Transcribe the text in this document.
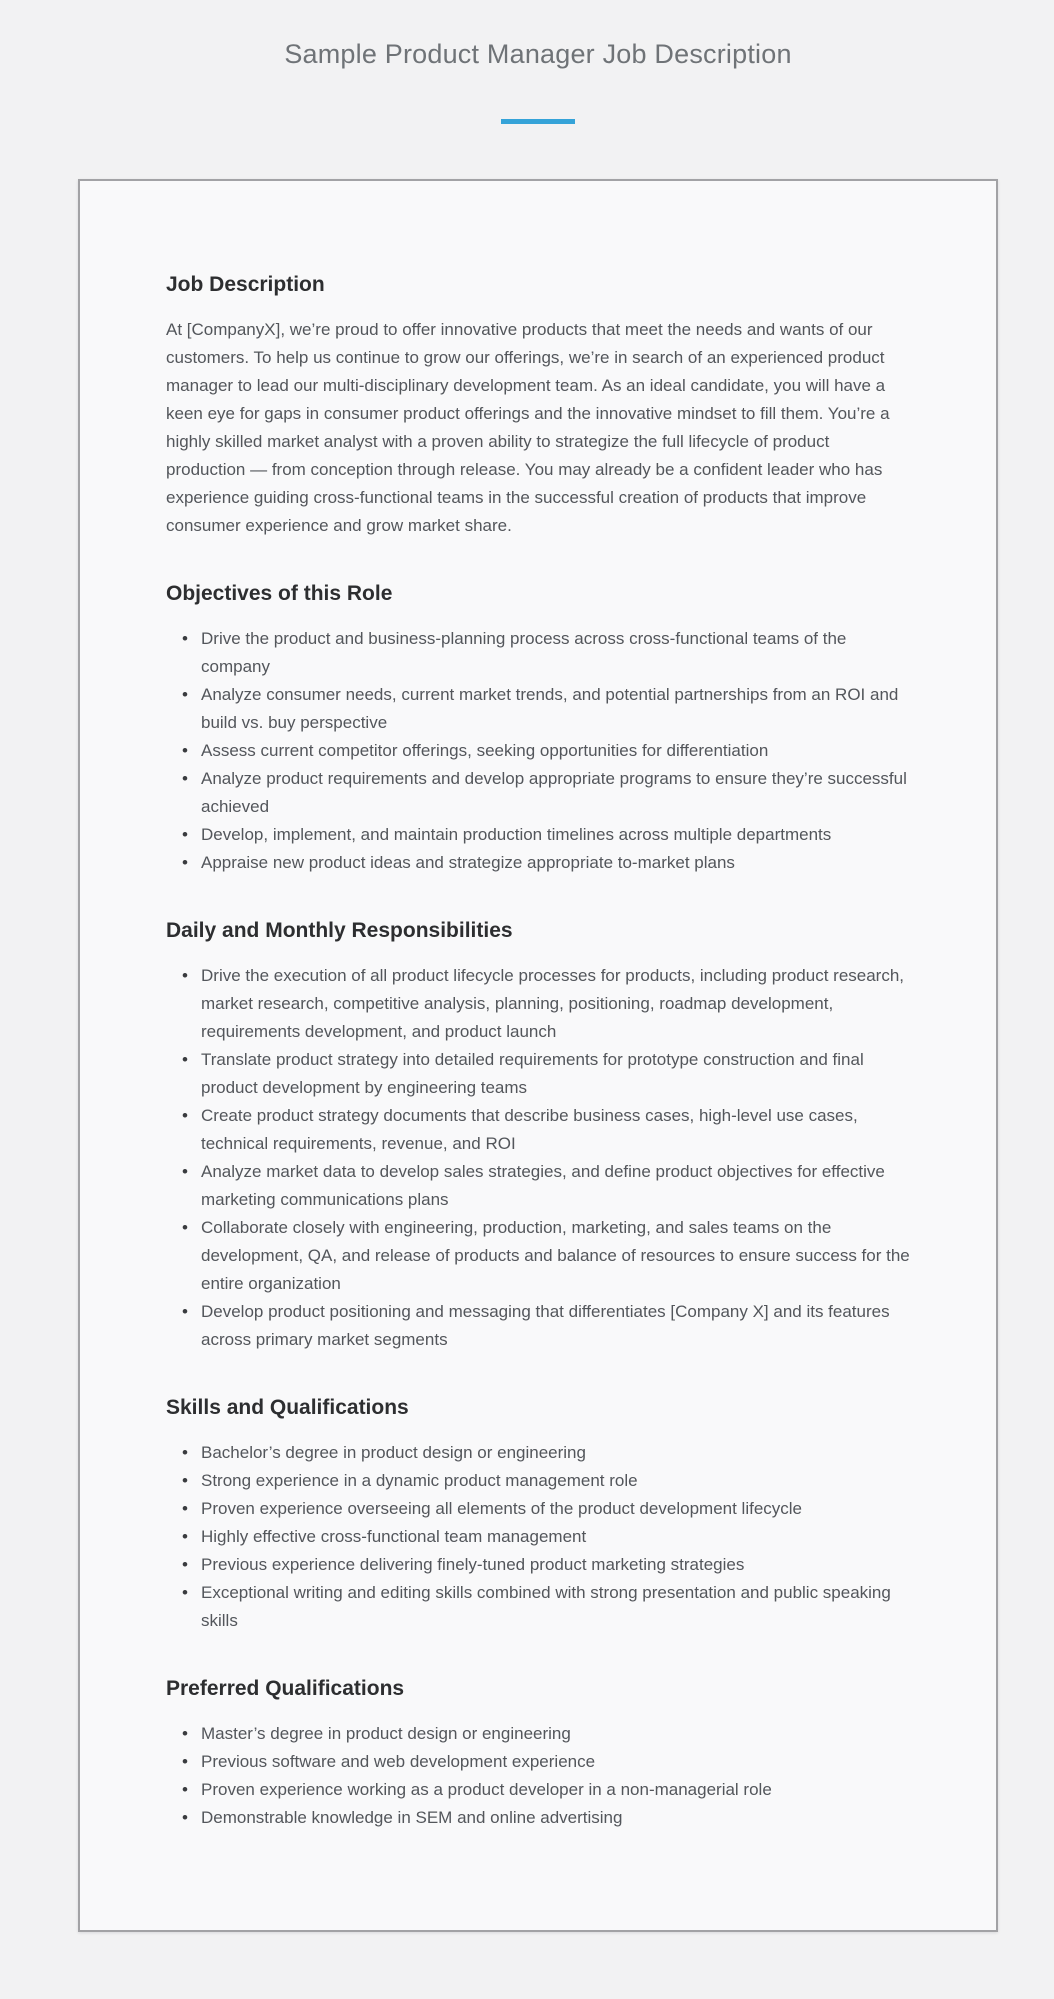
Sample Product Manager Job Description
Job Description

At [CompanyX], we’re proud to offer innovative products that meet the needs and wants of our customers. To help us continue to grow our offerings, we’re in search of an experienced product manager to lead our multi-disciplinary development team. As an ideal candidate, you will have a keen eye for gaps in consumer product offerings and the innovative mindset to fill them. You’re a highly skilled market analyst with a proven ability to strategize the full lifecycle of product production — from conception through release. You may already be a confident leader who has experience guiding cross-functional teams in the successful creation of products that improve consumer experience and grow market share.

Objectives of this Role
• Drive the product and business-planning process across cross-functional teams of the company
• Analyze consumer needs, current market trends, and potential partnerships from an ROI and build vs. buy perspective
• Assess current competitor offerings, seeking opportunities for differentiation
• Analyze product requirements and develop appropriate programs to ensure they’re successful achieved
• Develop, implement, and maintain production timelines across multiple departments
• Appraise new product ideas and strategize appropriate to-market plans
Daily and Monthly Responsibilities
• Drive the execution of all product lifecycle processes for products, including product research, market research, competitive analysis, planning, positioning, roadmap development, requirements development, and product launch
• Translate product strategy into detailed requirements for prototype construction and final product development by engineering teams
• Create product strategy documents that describe business cases, high-level use cases, technical requirements, revenue, and ROI
• Analyze market data to develop sales strategies, and define product objectives for effective marketing communications plans
• Collaborate closely with engineering, production, marketing, and sales teams on the development, QA, and release of products and balance of resources to ensure success for the entire organization
• Develop product positioning and messaging that differentiates [Company X] and its features across primary market segments
Skills and Qualifications
• Bachelor’s degree in product design or engineering
• Strong experience in a dynamic product management role
• Proven experience overseeing all elements of the product development lifecycle
• Highly effective cross-functional team management
• Previous experience delivering finely-tuned product marketing strategies
• Exceptional writing and editing skills combined with strong presentation and public speaking skills
Preferred Qualifications
• Master’s degree in product design or engineering
• Previous software and web development experience
• Proven experience working as a product developer in a non-managerial role
• Demonstrable knowledge in SEM and online advertising
